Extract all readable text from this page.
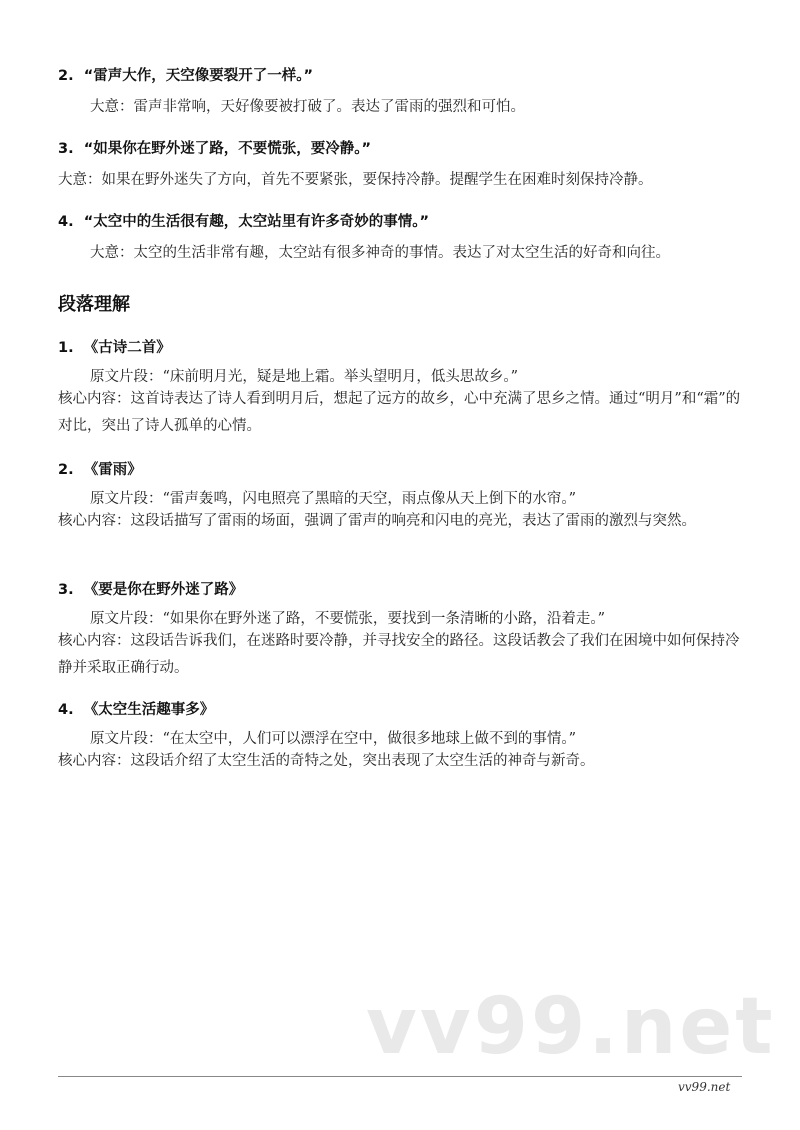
2.  “雷声大作，天空像要裂开了一样。”
大意：雷声非常响，天好像要被打破了。表达了雷雨的强烈和可怕。
3.  “如果你在野外迷了路，不要慌张，要冷静。”
大意：如果在野外迷失了方向，首先不要紧张，要保持冷静。提醒学生在困难时刻保持冷静。
4.  “太空中的生活很有趣，太空站里有许多奇妙的事情。”
大意：太空的生活非常有趣，太空站有很多神奇的事情。表达了对太空生活的好奇和向往。
段落理解
1.  《古诗二首》
原文片段：“床前明月光，疑是地上霜。举头望明月，低头思故乡。”
核心内容：这首诗表达了诗人看到明月后，想起了远方的故乡，心中充满了思乡之情。通过“明月”和“霜”的对比，突出了诗人孤单的心情。
2.  《雷雨》
原文片段：“雷声轰鸣，闪电照亮了黑暗的天空，雨点像从天上倒下的水帘。”
核心内容：这段话描写了雷雨的场面，强调了雷声的响亮和闪电的亮光，表达了雷雨的激烈与突然。
3.  《要是你在野外迷了路》
原文片段：“如果你在野外迷了路，不要慌张，要找到一条清晰的小路，沿着走。”
核心内容：这段话告诉我们，在迷路时要冷静，并寻找安全的路径。这段话教会了我们在困境中如何保持冷静并采取正确行动。
4.  《太空生活趣事多》
原文片段：“在太空中，人们可以漂浮在空中，做很多地球上做不到的事情。”
核心内容：这段话介绍了太空生活的奇特之处，突出表现了太空生活的神奇与新奇。
vv99.net
vv99.net
